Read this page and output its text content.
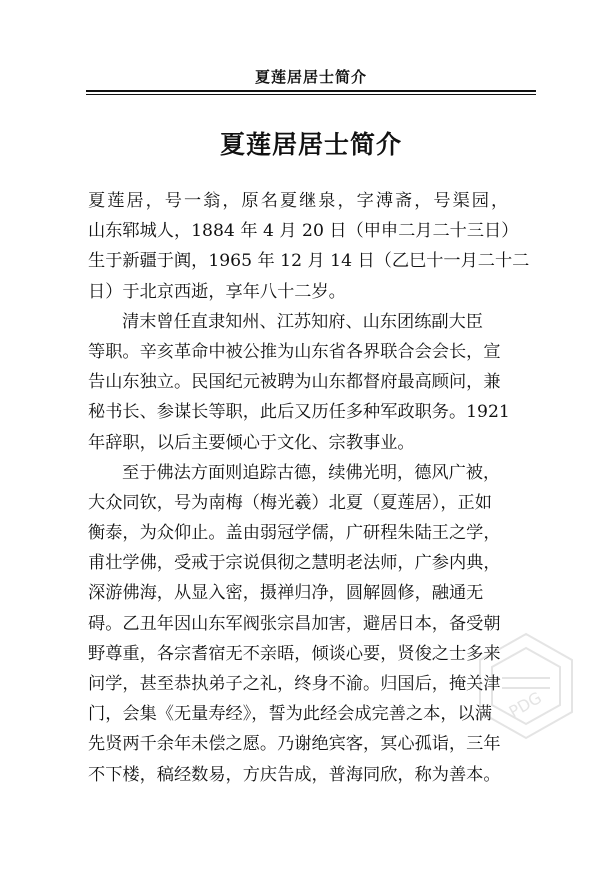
夏莲居居士简介
夏莲居居士简介

夏莲居，号一翁，原名夏继泉，字溥斋，号渠园，
山东郓城人，1884 年 4 月 20 日（甲申二月二十三日）
生于新疆于阗，1965 年 12 月 14 日（乙巳十一月二十二
日）于北京西逝，享年八十二岁。

清末曾任直隶知州、江苏知府、山东团练副大臣
等职。辛亥革命中被公推为山东省各界联合会会长，宣
告山东独立。民国纪元被聘为山东都督府最高顾问，兼
秘书长、参谋长等职，此后又历任多种军政职务。1921
年辞职，以后主要倾心于文化、宗教事业。

至于佛法方面则追踪古德，续佛光明，德风广被，
大众同钦，号为南梅（梅光羲）北夏（夏莲居），正如
衡泰，为众仰止。盖由弱冠学儒，广研程朱陆王之学，
甫壮学佛，受戒于宗说俱彻之慧明老法师，广参内典，
深游佛海，从显入密，摄禅归净，圆解圆修，融通无
碍。乙丑年因山东军阀张宗昌加害，避居日本，备受朝
野尊重，各宗耆宿无不亲晤，倾谈心要，贤俊之士多来
问学，甚至恭执弟子之礼，终身不渝。归国后，掩关津
门，会集《无量寿经》，誓为此经会成完善之本，以满
先贤两千余年未偿之愿。乃谢绝宾客，冥心孤诣，三年
不下楼，稿经数易，方庆告成，普海同欣，称为善本。

PDG
